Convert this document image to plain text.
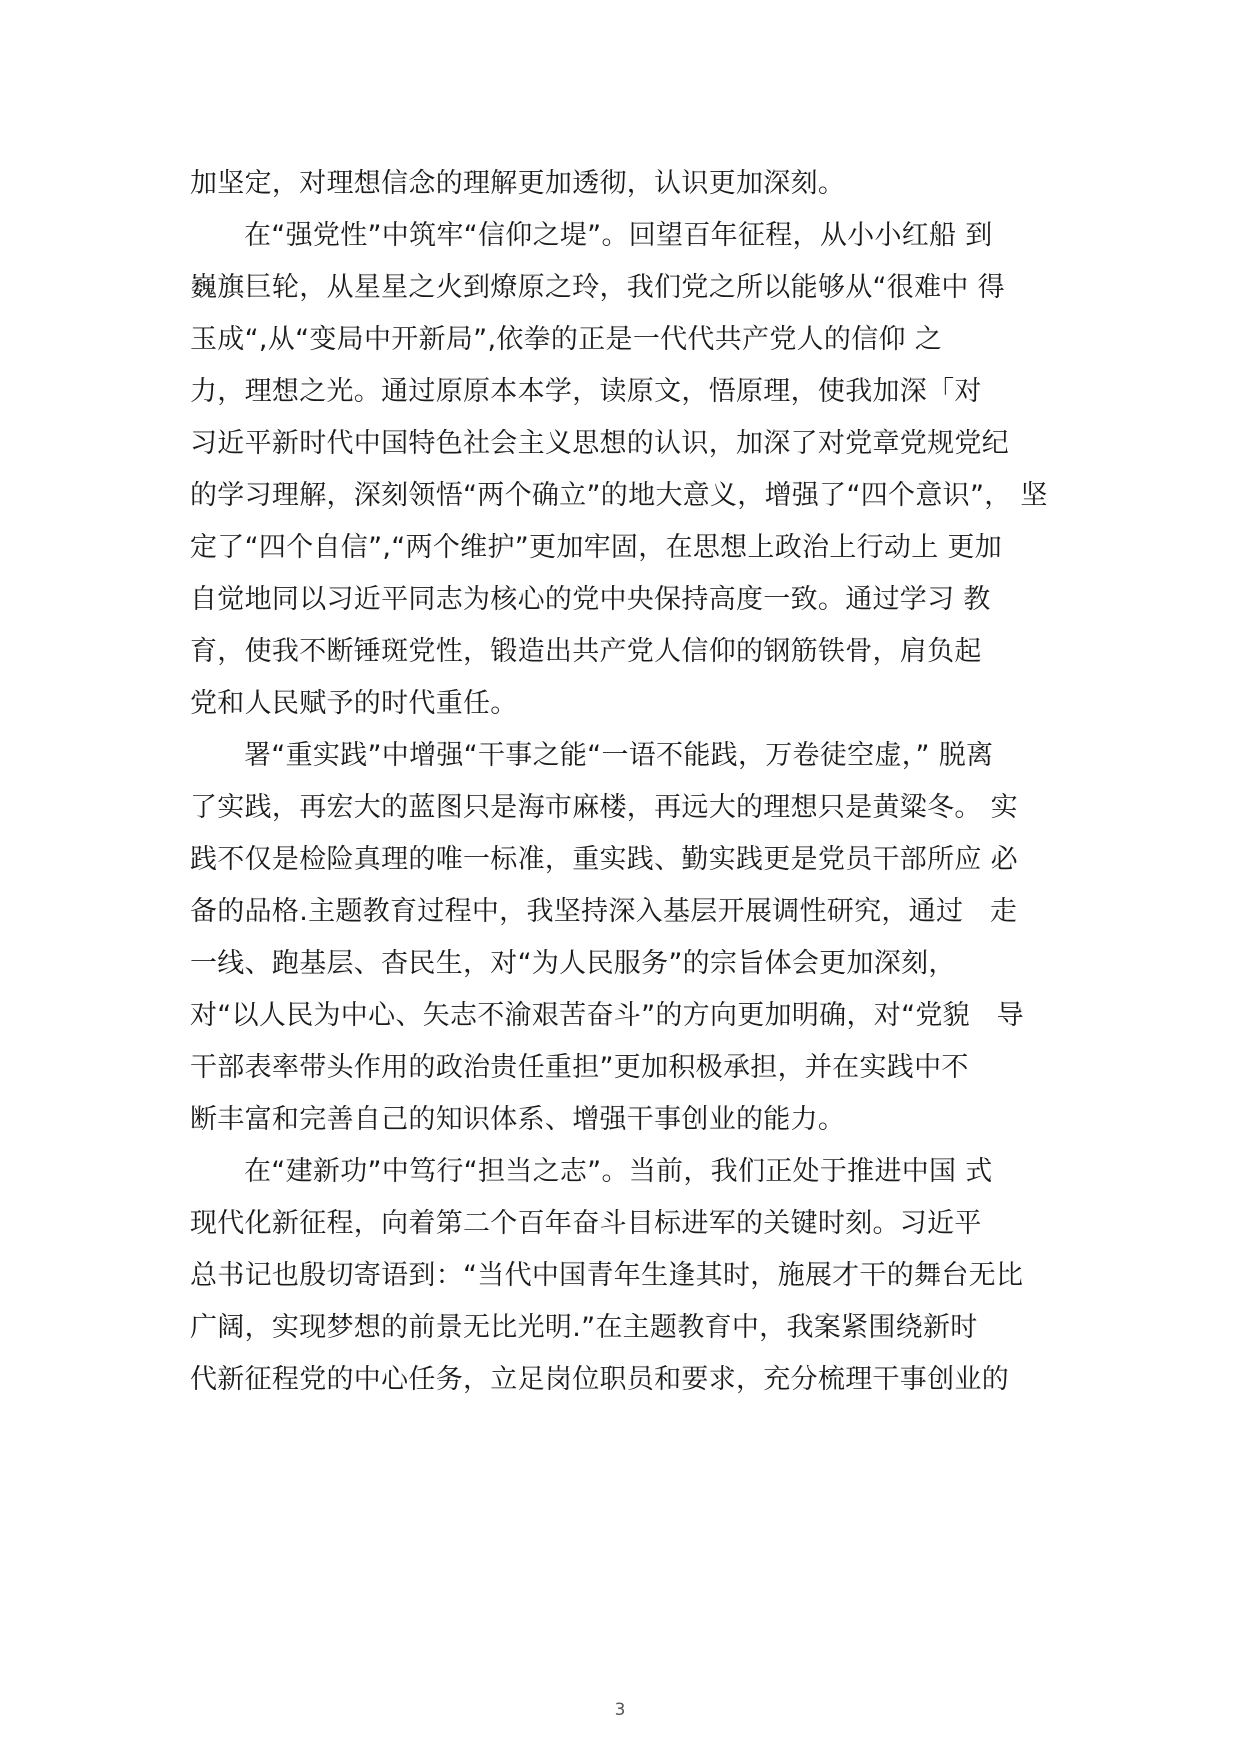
加坚定，对理想信念的理解更加透彻，认识更加深刻。
在“强党性”中筑牢“信仰之堤”。回望百年征程，从小小红船 到
巍旗巨轮，从星星之火到燎原之玲，我们党之所以能够从“很难中 得
玉成“,从“变局中开新局”,依拳的正是一代代共产党人的信仰 之
力，理想之光。通过原原本本学，读原文，悟原理，使我加深「对
习近平新时代中国特色社会主义思想的认识，加深了对党章党规党纪
的学习理解，深刻领悟“两个确立”的地大意义，增强了“四个意识”， 坚
定了“四个自信”,“两个维护”更加牢固，在思想上政治上行动上 更加
自觉地同以习近平同志为核心的党中央保持高度一致。通过学习 教
育，使我不断锤斑党性，锻造出共产党人信仰的钢筋铁骨，肩负起
党和人民赋予的时代重任。
署“重实践”中增强“干事之能“一语不能践，万卷徒空虚，” 脱离
了实践，再宏大的蓝图只是海市麻楼，再远大的理想只是黄粱冬。 实
践不仅是检险真理的唯一标准，重实践、勤实践更是党员干部所应 必
备的品格.主题教育过程中，我坚持深入基层开展调性研究，通过   走
一线、跑基层、杳民生，对“为人民服务”的宗旨体会更加深刻，
对“以人民为中心、矢志不渝艰苦奋斗”的方向更加明确，对“党貌   导
干部表率带头作用的政治贵任重担”更加积极承担，并在实践中不
断丰富和完善自己的知识体系、增强干事创业的能力。
在“建新功”中笃行“担当之志”。当前，我们正处于推进中国 式
现代化新征程，向着第二个百年奋斗目标进军的关键时刻。习近平
总书记也殷切寄语到：“当代中国青年生逢其时，施展才干的舞台无比
广阔，实现梦想的前景无比光明.”在主题教育中，我案紧围绕新时
代新征程党的中心任务，立足岗位职员和要求，充分梳理干事创业的
3
